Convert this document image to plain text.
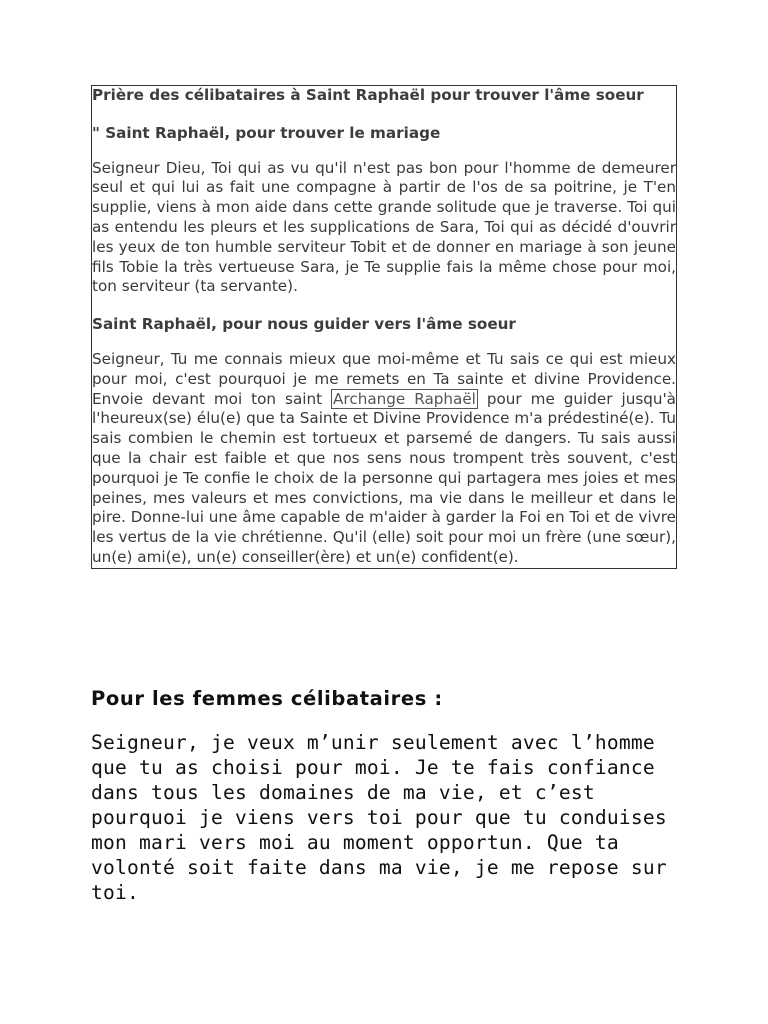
Prière des célibataires à Saint Raphaël pour trouver l'âme soeur

" Saint Raphaël, pour trouver le mariage

Seigneur Dieu, Toi qui as vu qu'il n'est pas bon pour l'homme de demeurer seul et qui lui as fait une compagne à partir de l'os de sa poitrine, je T'en supplie, viens à mon aide dans cette grande solitude que je traverse. Toi qui as entendu les pleurs et les supplications de Sara, Toi qui as décidé d'ouvrir les yeux de ton humble serviteur Tobit et de donner en mariage à son jeune fils Tobie la très vertueuse Sara, je Te supplie fais la même chose pour moi, ton serviteur (ta servante).

Saint Raphaël, pour nous guider vers l'âme soeur

Seigneur, Tu me connais mieux que moi-même et Tu sais ce qui est mieux pour moi, c'est pourquoi je me remets en Ta sainte et divine Providence. Envoie devant moi ton saint Archange Raphaël pour me guider jusqu'à l'heureux(se) élu(e) que ta Sainte et Divine Providence m'a prédestiné(e). Tu sais combien le chemin est tortueux et parsemé de dangers. Tu sais aussi que la chair est faible et que nos sens nous trompent très souvent, c'est pourquoi je Te confie le choix de la personne qui partagera mes joies et mes peines, mes valeurs et mes convictions, ma vie dans le meilleur et dans le pire. Donne-lui une âme capable de m'aider à garder la Foi en Toi et de vivre les vertus de la vie chrétienne. Qu'il (elle) soit pour moi un frère (une sœur), un(e) ami(e), un(e) conseiller(ère) et un(e) confident(e).

Pour les femmes célibataires :

Seigneur, je veux m’unir seulement avec l’homme que tu as choisi pour moi. Je te fais confiance dans tous les domaines de ma vie, et c’est pourquoi je viens vers toi pour que tu conduises mon mari vers moi au moment opportun. Que ta volonté soit faite dans ma vie, je me repose sur toi.
